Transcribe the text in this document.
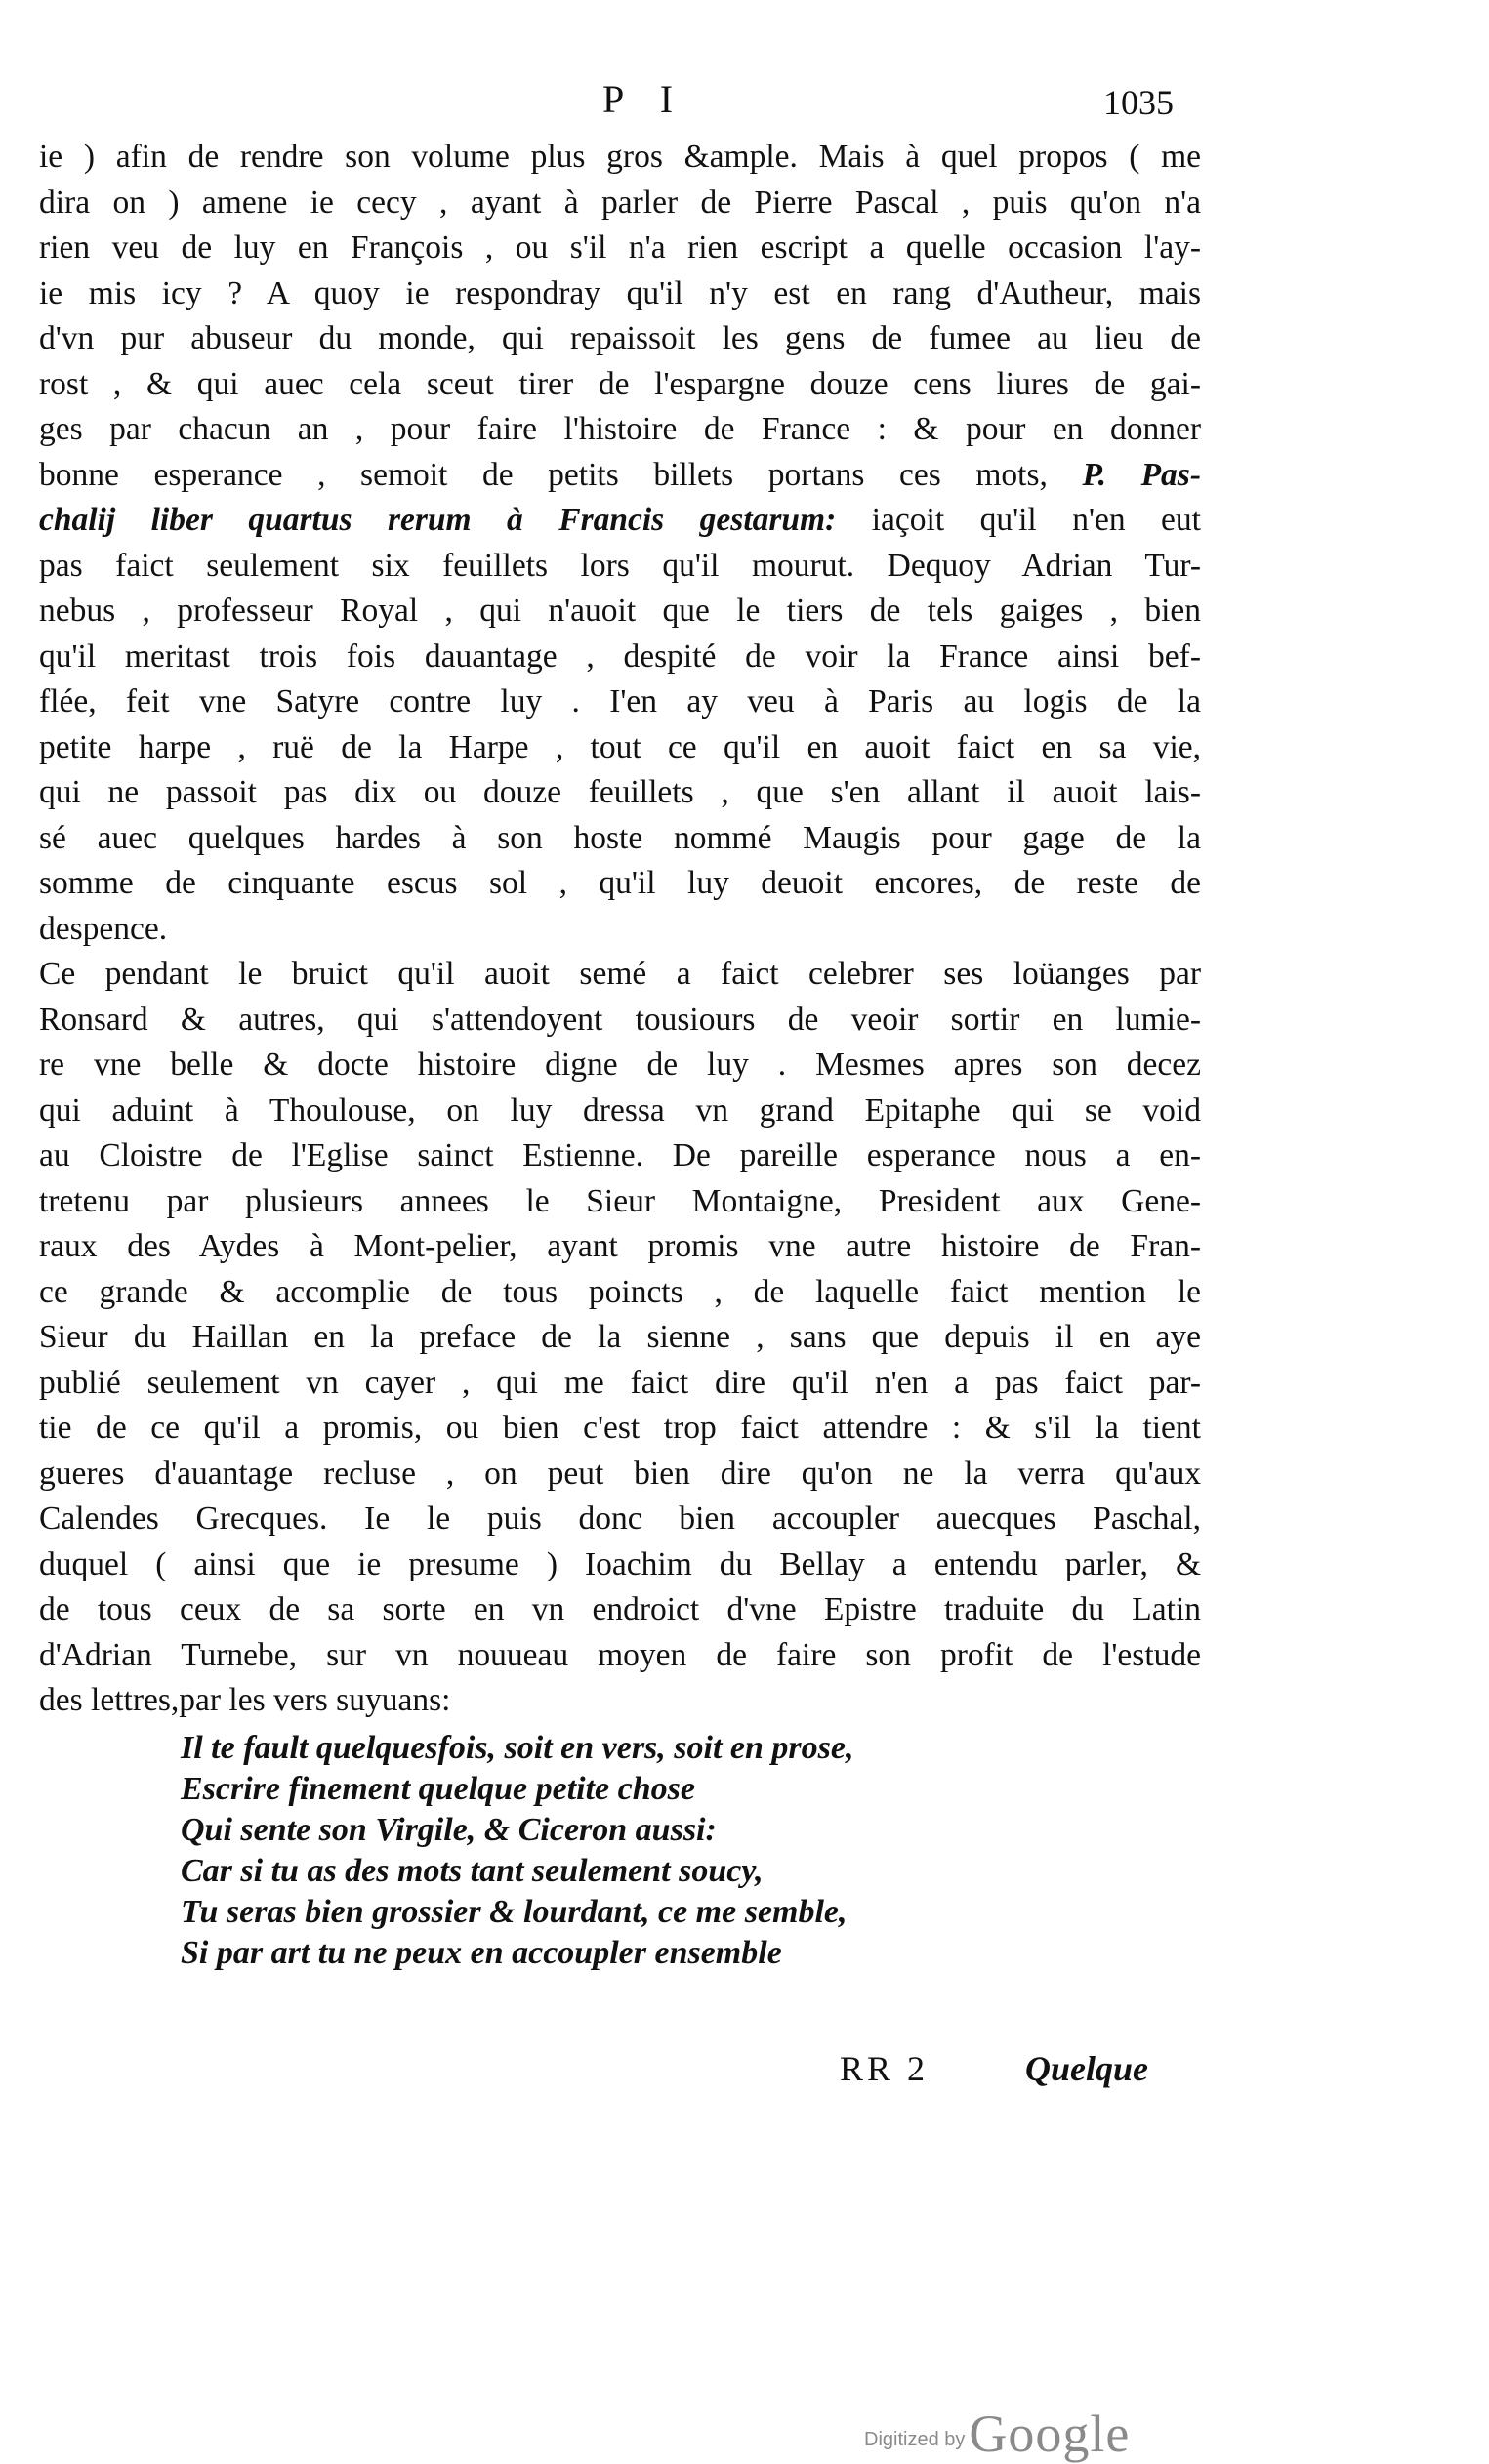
P I	1035
ie ) afin de rendre son volume plus gros &ample. Mais à quel propos ( me
dira on ) amene ie cecy , ayant à parler de Pierre Pascal , puis qu'on n'a
rien veu de luy en François , ou s'il n'a rien escript a quelle occasion l'ay-
ie mis icy ? A quoy ie respondray qu'il n'y est en rang d'Autheur, mais
d'vn pur abuseur du monde, qui repaissoit les gens de fumee au lieu de
rost , & qui auec cela sceut tirer de l'espargne douze cens liures de gai-
ges par chacun an , pour faire l'histoire de France : & pour en donner
bonne esperance , semoit de petits billets portans ces mots, P. Pas-
chalij liber quartus rerum à Francis gestarum: iaçoit qu'il n'en eut
pas faict seulement six feuillets lors qu'il mourut. Dequoy Adrian Tur-
nebus , professeur Royal , qui n'auoit que le tiers de tels gaiges , bien
qu'il meritast trois fois dauantage , despité de voir la France ainsi bef-
flée, feit vne Satyre contre luy . I'en ay veu à Paris au logis de la
petite harpe , ruë de la Harpe , tout ce qu'il en auoit faict en sa vie,
qui ne passoit pas dix ou douze feuillets , que s'en allant il auoit lais-
sé auec quelques hardes à son hoste nommé Maugis pour gage de la
somme de cinquante escus sol , qu'il luy deuoit encores, de reste de
despence.
Ce pendant le bruict qu'il auoit semé a faict celebrer ses loüanges par
Ronsard & autres, qui s'attendoyent tousiours de veoir sortir en lumie-
re vne belle & docte histoire digne de luy . Mesmes apres son decez
qui aduint à Thoulouse, on luy dressa vn grand Epitaphe qui se void
au Cloistre de l'Eglise sainct Estienne. De pareille esperance nous a en-
tretenu par plusieurs annees le Sieur Montaigne, President aux Gene-
raux des Aydes à Mont-pelier, ayant promis vne autre histoire de Fran-
ce grande & accomplie de tous poincts , de laquelle faict mention le
Sieur du Haillan en la preface de la sienne , sans que depuis il en aye
publié seulement vn cayer , qui me faict dire qu'il n'en a pas faict par-
tie de ce qu'il a promis, ou bien c'est trop faict attendre : & s'il la tient
gueres d'auantage recluse , on peut bien dire qu'on ne la verra qu'aux
Calendes Grecques. Ie le puis donc bien accoupler auecques Paschal,
duquel ( ainsi que ie presume ) Ioachim du Bellay a entendu parler, &
de tous ceux de sa sorte en vn endroict d'vne Epistre traduite du Latin
d'Adrian Turnebe, sur vn nouueau moyen de faire son profit de l'estude
des lettres,par les vers suyuans:
Il te fault quelquesfois, soit en vers, soit en prose,
Escrire finement quelque petite chose
Qui sente son Virgile, & Ciceron aussi:
Car si tu as des mots tant seulement soucy,
Tu seras bien grossier & lourdant, ce me semble,
Si par art tu ne peux en accoupler ensemble
RR 2	Quelque
Digitized by Google
